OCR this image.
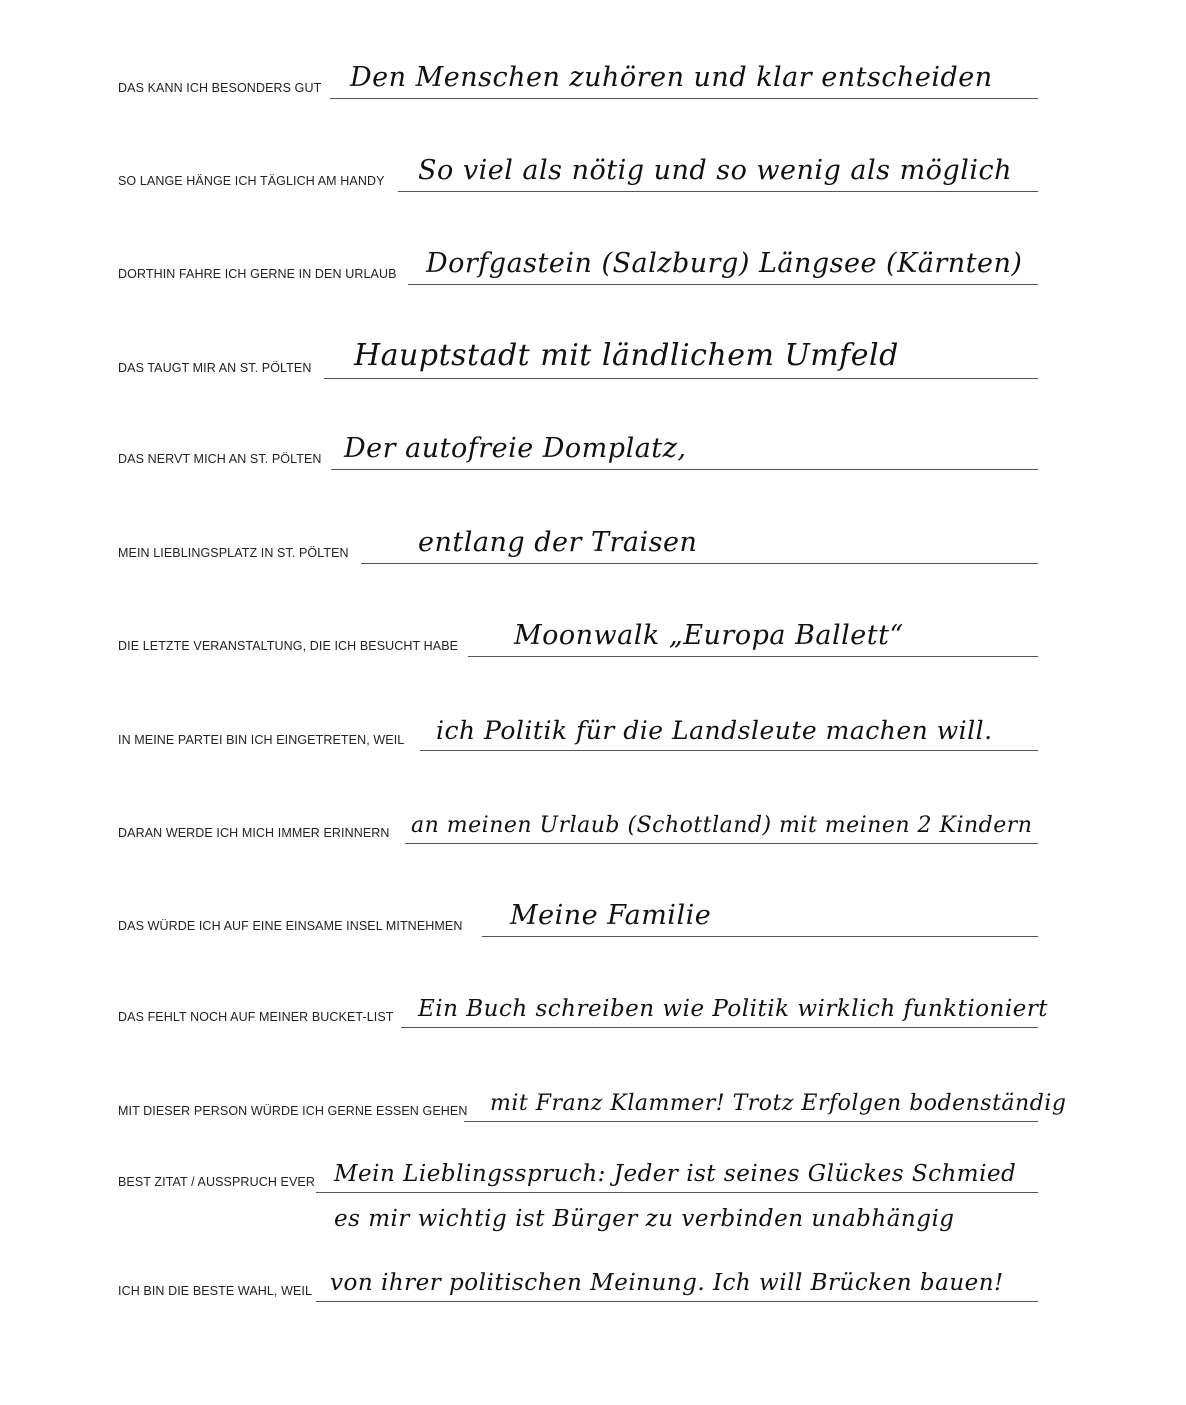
DAS KANN ICH BESONDERS GUT Den Menschen zuhören und klar entscheiden
SO LANGE HÄNGE ICH TÄGLICH AM HANDY So viel als nötig und so wenig als möglich
DORTHIN FAHRE ICH GERNE IN DEN URLAUB Dorfgastein (Salzburg) Längsee (Kärnten)
DAS TAUGT MIR AN ST. PÖLTEN Hauptstadt mit ländlichem Umfeld
DAS NERVT MICH AN ST. PÖLTEN Der autofreie Domplatz,
MEIN LIEBLINGSPLATZ IN ST. PÖLTEN	entlang der Traisen
DIE LETZTE VERANSTALTUNG, DIE ICH BESUCHT HABE Moonwalk „Europa Ballett“
IN MEINE PARTEI BIN ICH EINGETRETEN, WEIL ich Politik für die Landsleute machen will.
DARAN WERDE ICH MICH IMMER ERINNERN an meinen Urlaub (Schottland) mit meinen 2 Kindern
DAS WÜRDE ICH AUF EINE EINSAME INSEL MITNEHMEN Meine Familie
DAS FEHLT NOCH AUF MEINER BUCKET-LIST Ein Buch schreiben wie Politik wirklich funktioniert
MIT DIESER PERSON WÜRDE ICH GERNE ESSEN GEHEN mit Franz Klammer! Trotz Erfolgen bodenständig
BEST ZITAT / AUSSPRUCH EVER Mein Lieblingsspruch: Jeder ist seines Glückes Schmied
es mir wichtig ist Bürger zu verbinden unabhängig
ICH BIN DIE BESTE WAHL, WEIL von ihrer politischen Meinung. Ich will Brücken bauen!
